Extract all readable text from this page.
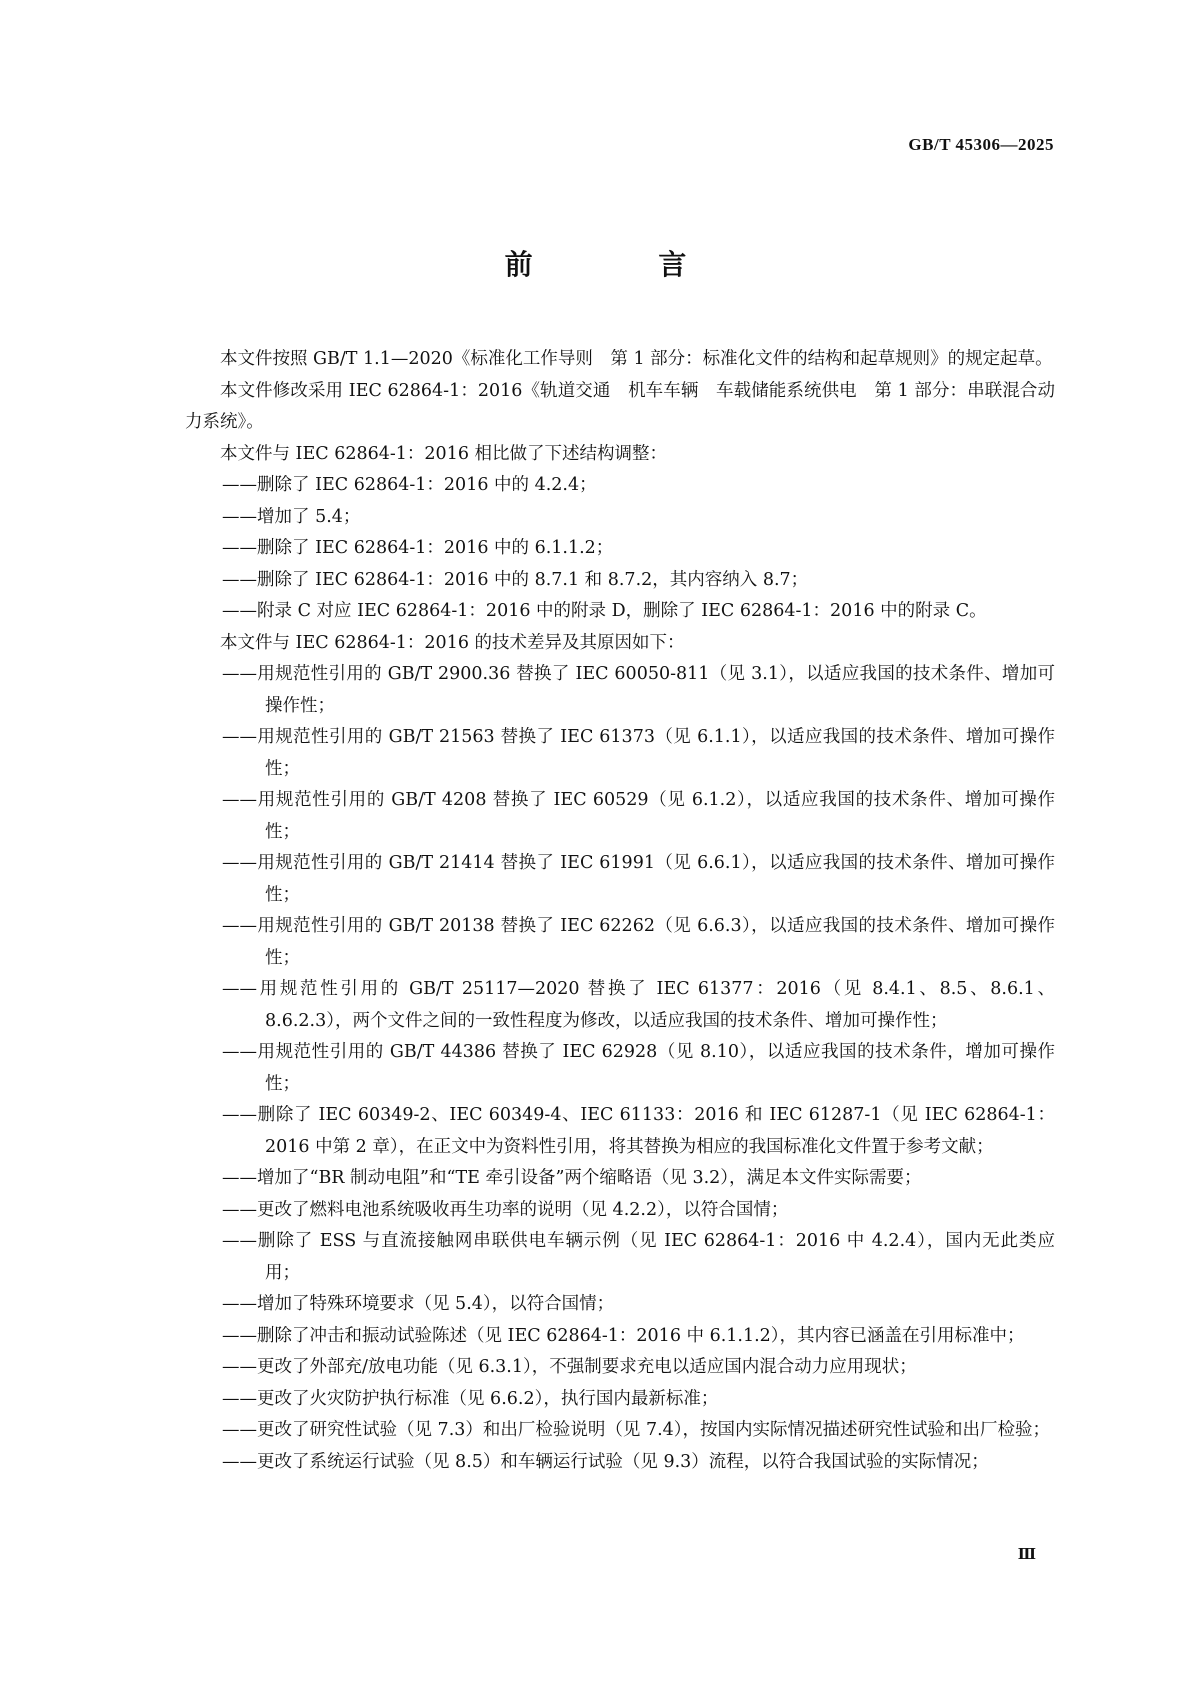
GB/T 45306—2025
前 言

本文件按照 GB/T 1.1—2020《标准化工作导则　第 1 部分：标准化文件的结构和起草规则》的规定起草。

本文件修改采用 IEC 62864-1：2016《轨道交通　机车车辆　车载储能系统供电　第 1 部分：串联混合动力系统》。

本文件与 IEC 62864-1：2016 相比做了下述结构调整：

——删除了 IEC 62864-1：2016 中的 4.2.4；

——增加了 5.4；

——删除了 IEC 62864-1：2016 中的 6.1.1.2；

——删除了 IEC 62864-1：2016 中的 8.7.1 和 8.7.2，其内容纳入 8.7；

——附录 C 对应 IEC 62864-1：2016 中的附录 D，删除了 IEC 62864-1：2016 中的附录 C。

本文件与 IEC 62864-1：2016 的技术差异及其原因如下：

——用规范性引用的 GB/T 2900.36 替换了 IEC 60050-811（见 3.1），以适应我国的技术条件、增加可操作性；

——用规范性引用的 GB/T 21563 替换了 IEC 61373（见 6.1.1），以适应我国的技术条件、增加可操作性；

——用规范性引用的 GB/T 4208 替换了 IEC 60529（见 6.1.2），以适应我国的技术条件、增加可操作性；

——用规范性引用的 GB/T 21414 替换了 IEC 61991（见 6.6.1），以适应我国的技术条件、增加可操作性；

——用规范性引用的 GB/T 20138 替换了 IEC 62262（见 6.6.3），以适应我国的技术条件、增加可操作性；

——用规范性引用的 GB/T 25117—2020 替换了 IEC 61377：2016（见 8.4.1、8.5、8.6.1、8.6.2.3），两个文件之间的一致性程度为修改，以适应我国的技术条件、增加可操作性；

——用规范性引用的 GB/T 44386 替换了 IEC 62928（见 8.10），以适应我国的技术条件，增加可操作性；

——删除了 IEC 60349-2、IEC 60349-4、IEC 61133：2016 和 IEC 61287-1（见 IEC 62864-1：2016 中第 2 章），在正文中为资料性引用，将其替换为相应的我国标准化文件置于参考文献；

——增加了“BR 制动电阻”和“TE 牵引设备”两个缩略语（见 3.2），满足本文件实际需要；

——更改了燃料电池系统吸收再生功率的说明（见 4.2.2），以符合国情；

——删除了 ESS 与直流接触网串联供电车辆示例（见 IEC 62864-1：2016 中 4.2.4），国内无此类应用；

——增加了特殊环境要求（见 5.4），以符合国情；

——删除了冲击和振动试验陈述（见 IEC 62864-1：2016 中 6.1.1.2），其内容已涵盖在引用标准中；

——更改了外部充/放电功能（见 6.3.1），不强制要求充电以适应国内混合动力应用现状；

——更改了火灾防护执行标准（见 6.6.2），执行国内最新标准；

——更改了研究性试验（见 7.3）和出厂检验说明（见 7.4），按国内实际情况描述研究性试验和出厂检验；

——更改了系统运行试验（见 8.5）和车辆运行试验（见 9.3）流程，以符合我国试验的实际情况；

Ⅲ
